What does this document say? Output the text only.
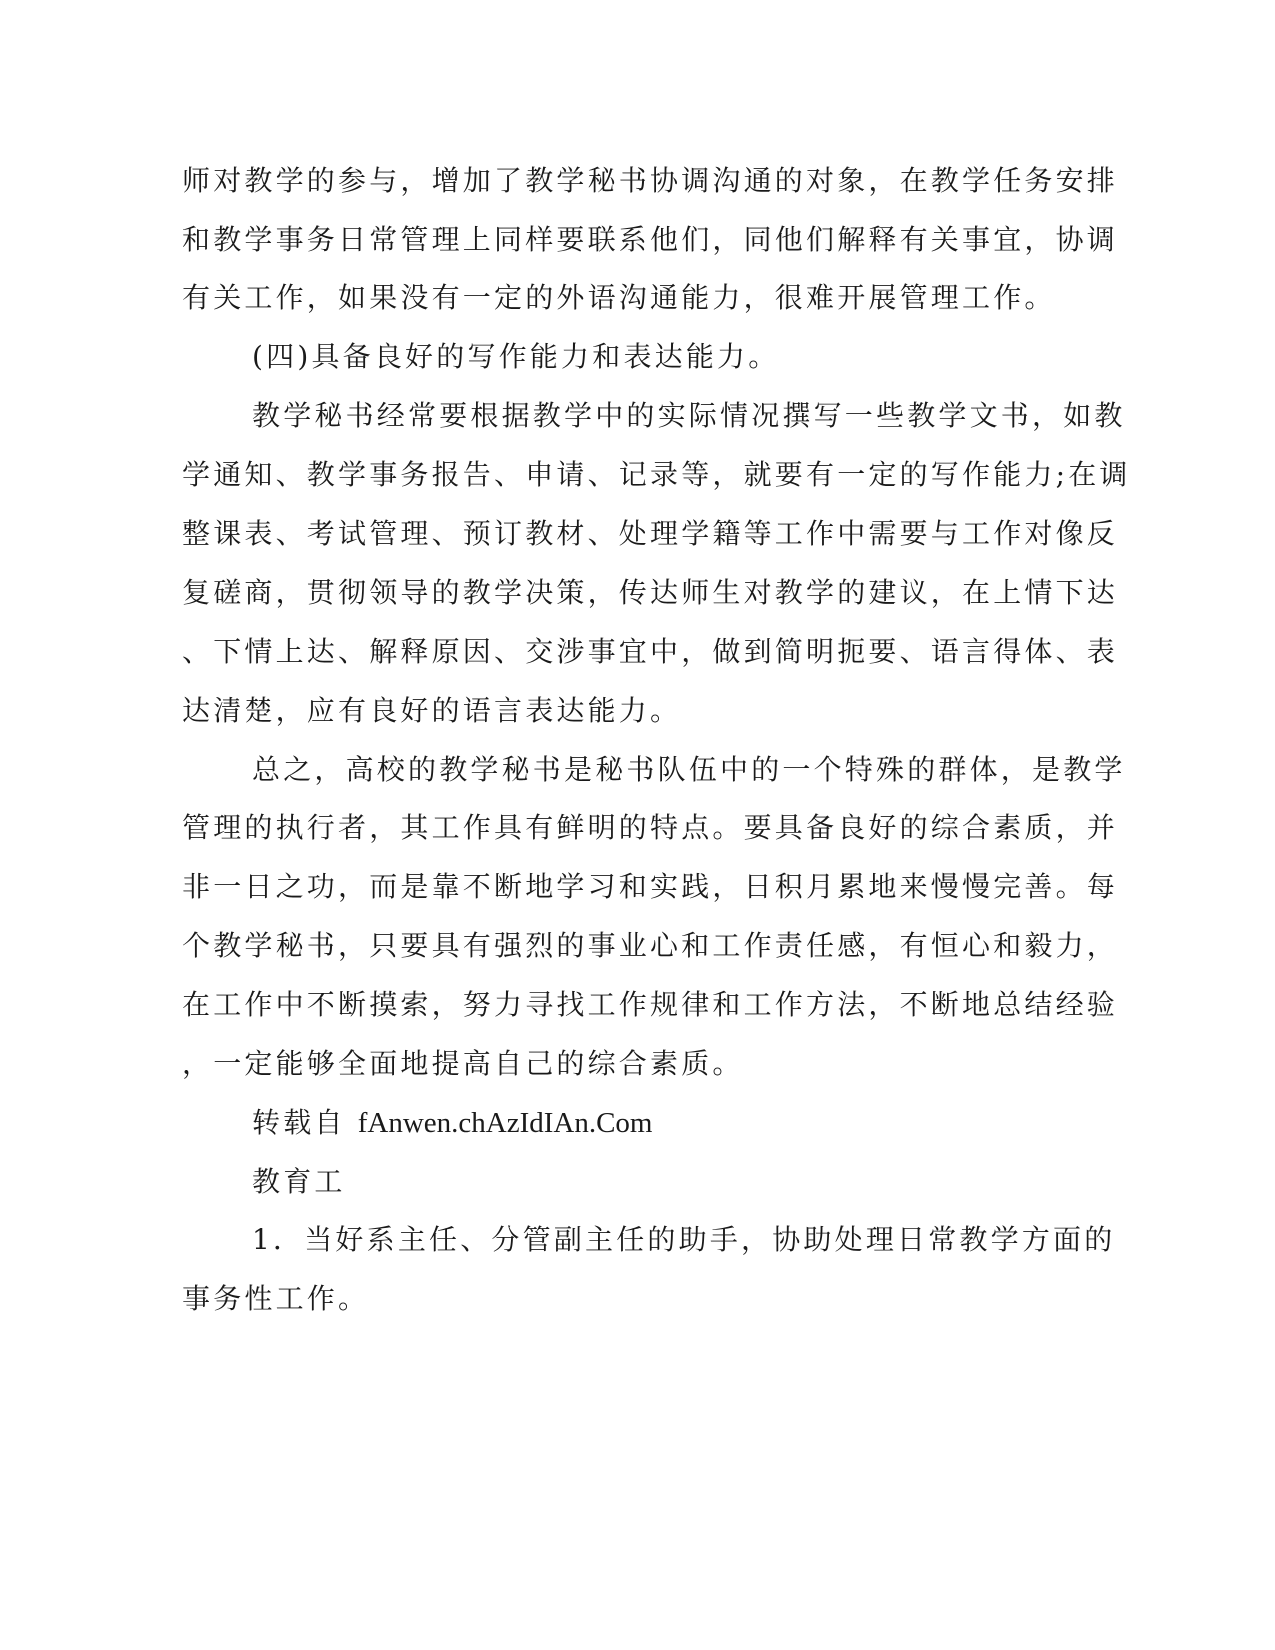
师对教学的参与，增加了教学秘书协调沟通的对象，在教学任务安排

和教学事务日常管理上同样要联系他们，同他们解释有关事宜，协调

有关工作，如果没有一定的外语沟通能力，很难开展管理工作。

(四)具备良好的写作能力和表达能力。

教学秘书经常要根据教学中的实际情况撰写一些教学文书，如教

学通知、教学事务报告、申请、记录等，就要有一定的写作能力;在调

整课表、考试管理、预订教材、处理学籍等工作中需要与工作对像反

复磋商，贯彻领导的教学决策，传达师生对教学的建议，在上情下达

、下情上达、解释原因、交涉事宜中，做到简明扼要、语言得体、表

达清楚，应有良好的语言表达能力。

总之，高校的教学秘书是秘书队伍中的一个特殊的群体，是教学

管理的执行者，其工作具有鲜明的特点。要具备良好的综合素质，并

非一日之功，而是靠不断地学习和实践，日积月累地来慢慢完善。每

个教学秘书，只要具有强烈的事业心和工作责任感，有恒心和毅力，

在工作中不断摸索，努力寻找工作规律和工作方法，不断地总结经验

，一定能够全面地提高自己的综合素质。

转载自 fAnwen.chAzIdIAn.Com

教育工

1．当好系主任、分管副主任的助手，协助处理日常教学方面的

事务性工作。
